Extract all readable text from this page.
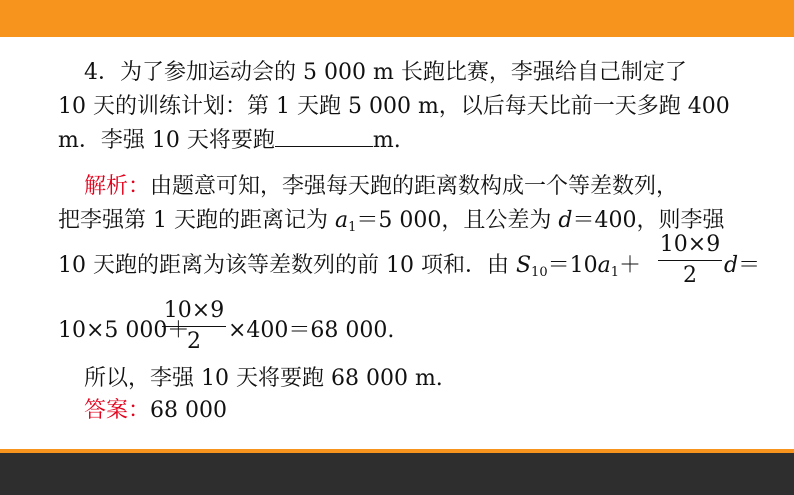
4．为了参加运动会的 5 000 m 长跑比赛，李强给自己制定了
10 天的训练计划：第 1 天跑 5 000 m，以后每天比前一天多跑 400
m．李强 10 天将要跑	m.
解析：由题意可知，李强每天跑的距离数构成一个等差数列，
把李强第 1 天跑的距离记为 $a_1=5$ 000，且公差为 d＝400，则李强
10 天跑的距离为该等差数列的前 10 项和．由 $S_{10}=10a_1+$
10×9
2	d＝
10×5 000＋
10×9
2	×400＝68 000.
所以，李强 10 天将要跑 68 000 m.
答案：68 000
